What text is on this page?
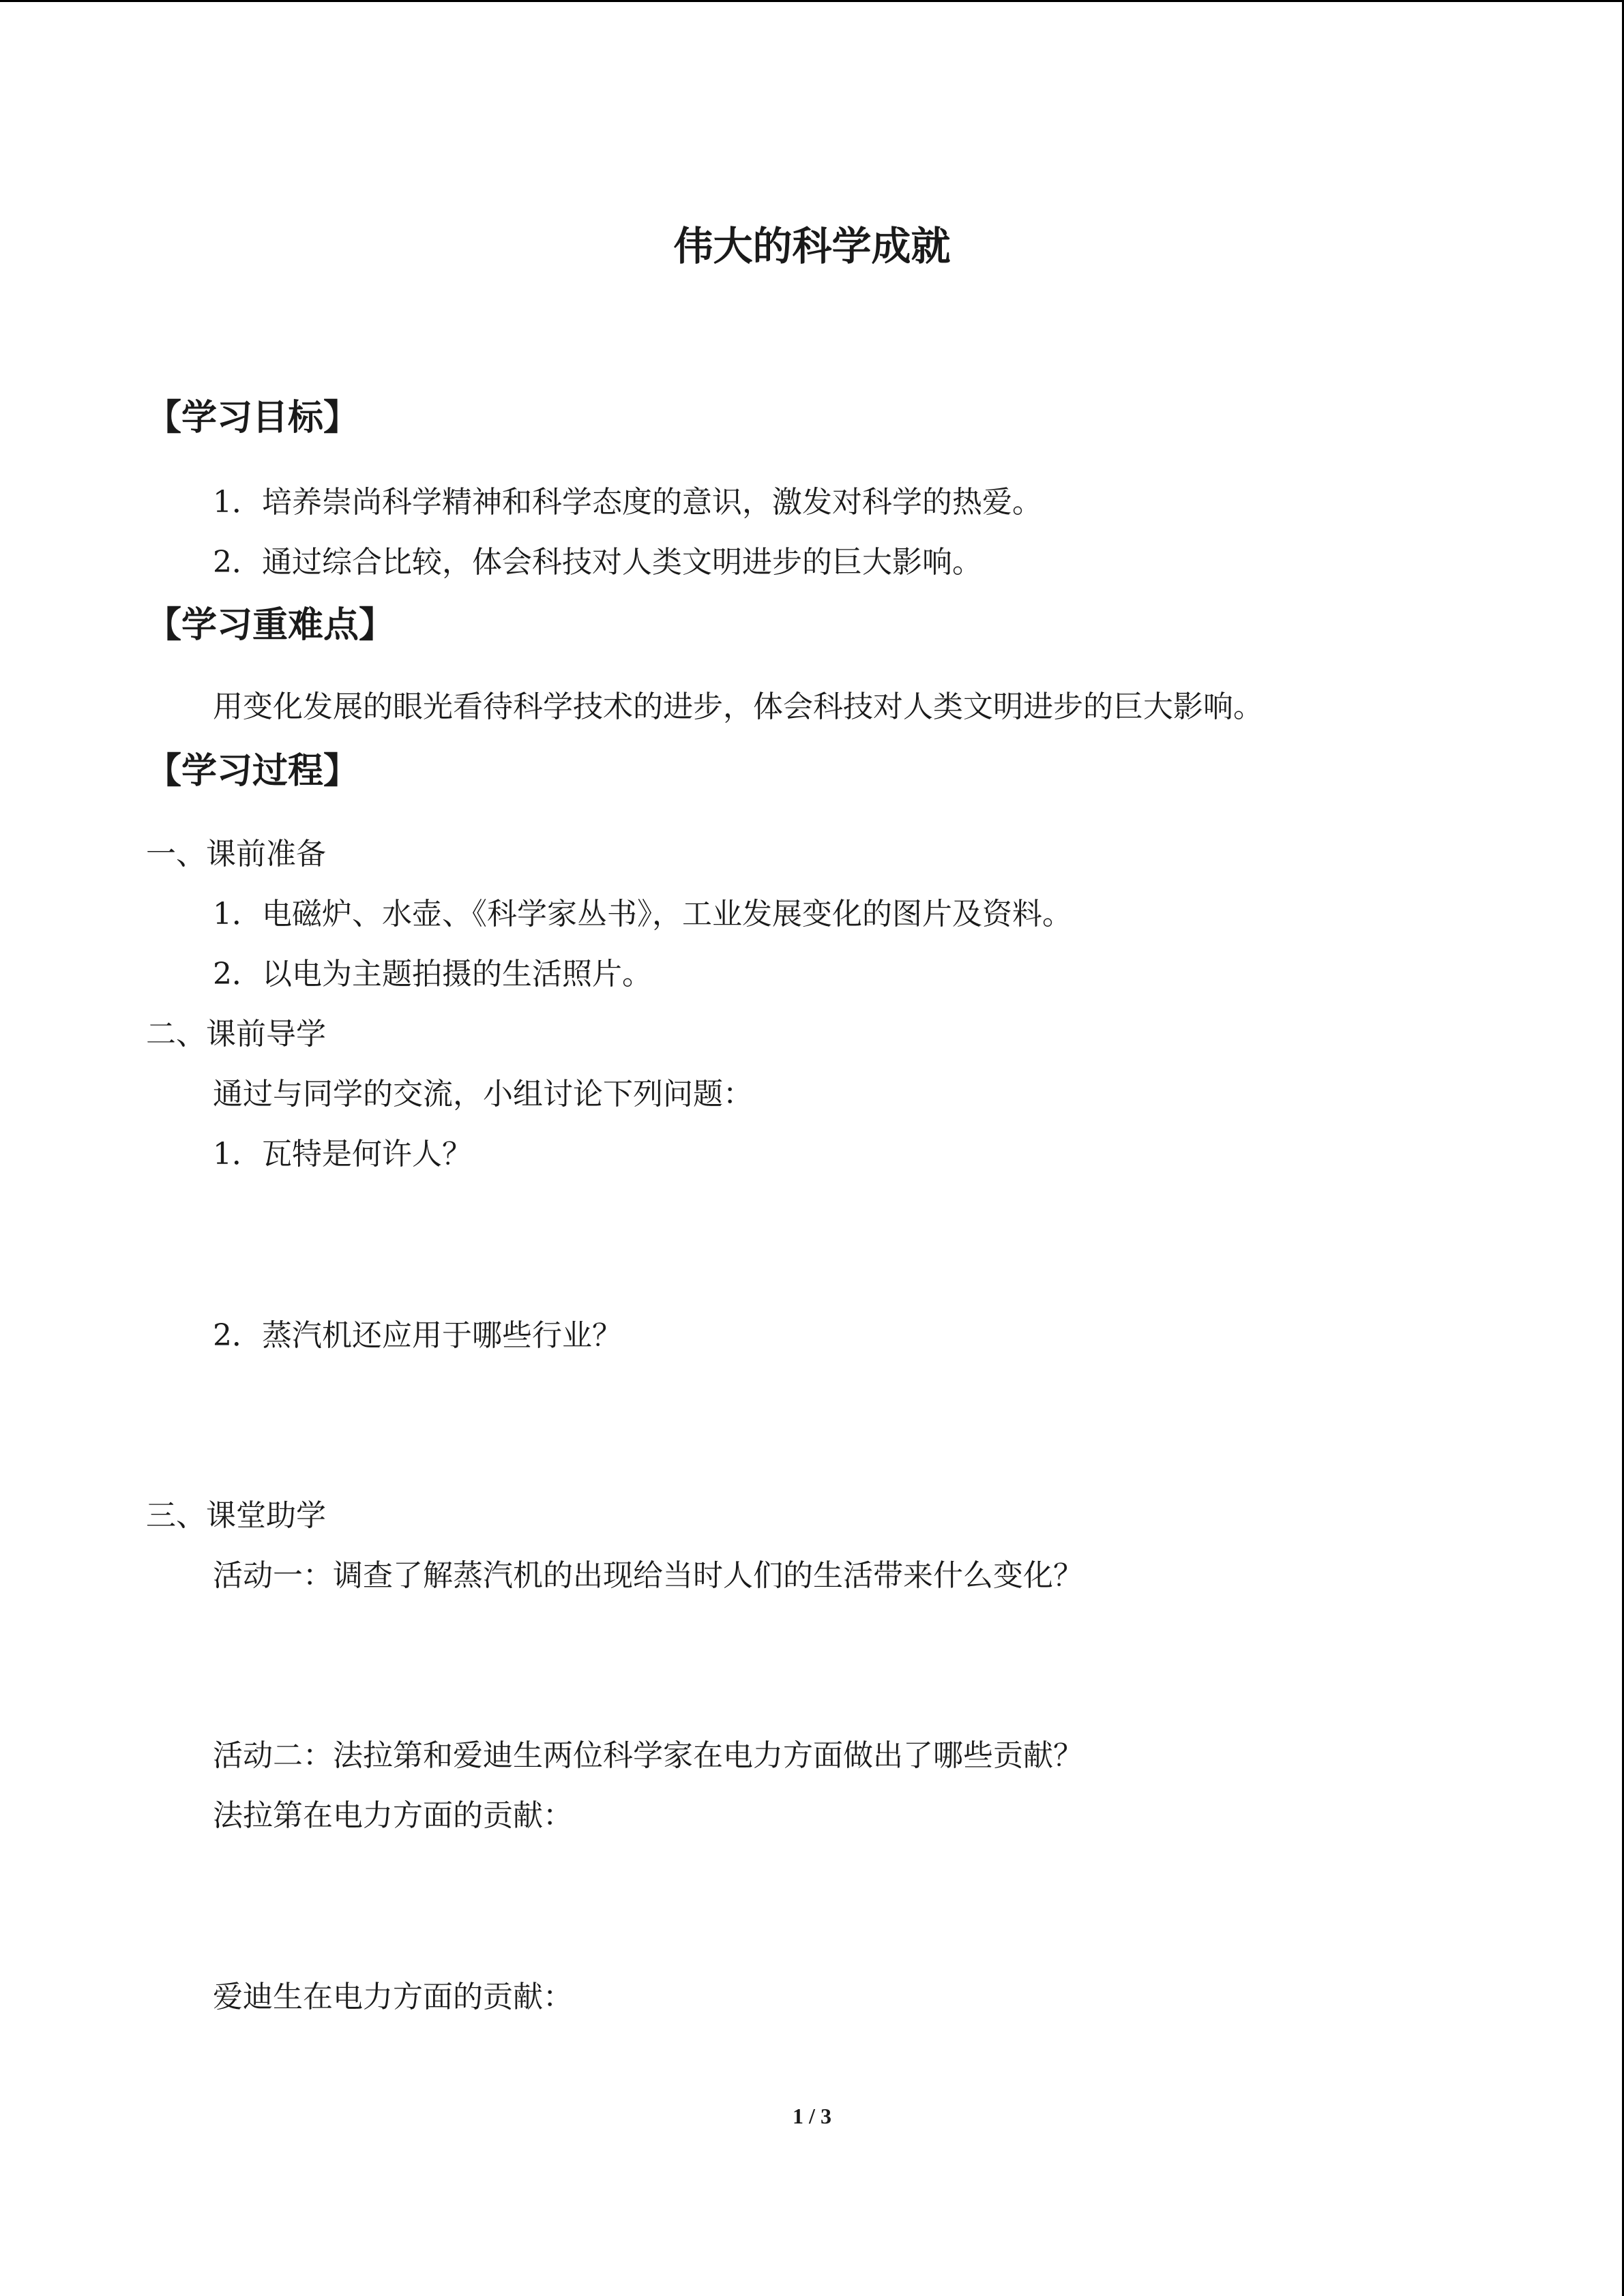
伟大的科学成就
【学习目标】

1．培养崇尚科学精神和科学态度的意识，激发对科学的热爱。

2．通过综合比较，体会科技对人类文明进步的巨大影响。

【学习重难点】

用变化发展的眼光看待科学技术的进步，体会科技对人类文明进步的巨大影响。

【学习过程】

一、课前准备

1．电磁炉、水壶、《科学家丛书》，工业发展变化的图片及资料。

2．以电为主题拍摄的生活照片。

二、课前导学

通过与同学的交流，小组讨论下列问题：

1．瓦特是何许人？

2．蒸汽机还应用于哪些行业？

三、课堂助学

活动一：调查了解蒸汽机的出现给当时人们的生活带来什么变化？

活动二：法拉第和爱迪生两位科学家在电力方面做出了哪些贡献？

法拉第在电力方面的贡献：

爱迪生在电力方面的贡献：

1 / 3
